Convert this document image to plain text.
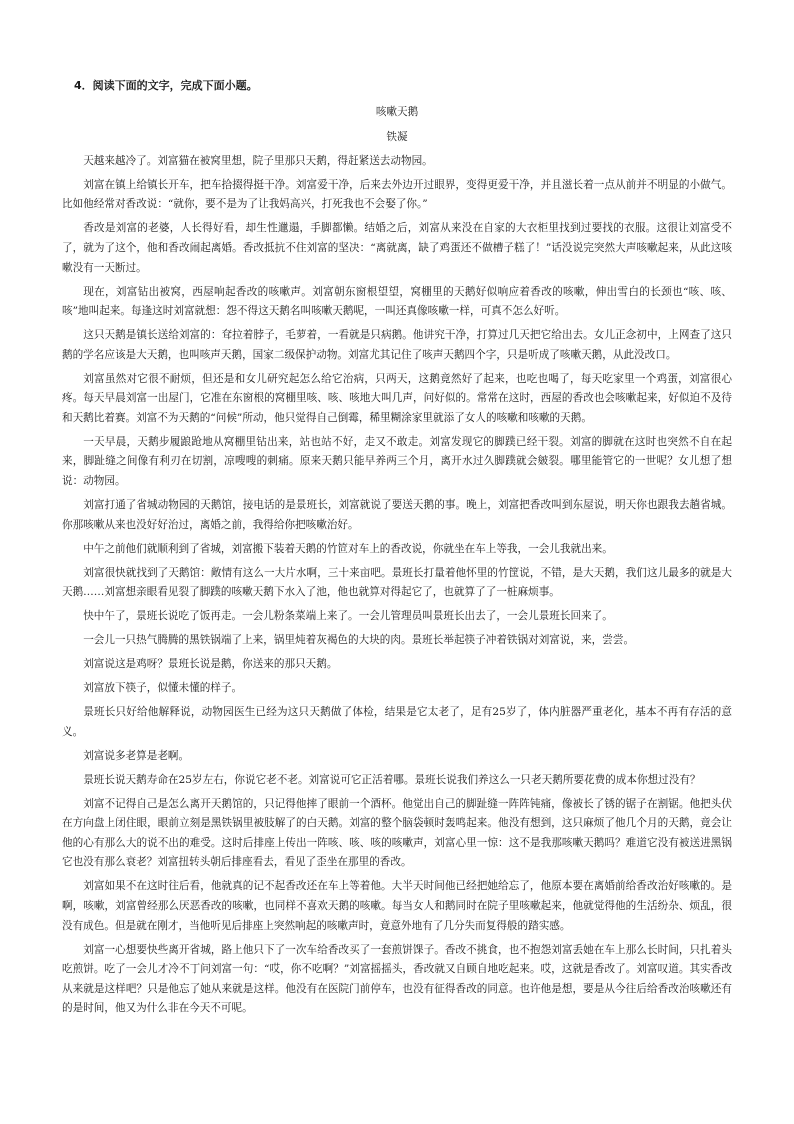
4．阅读下面的文字，完成下面小题。

咳嗽天鹅

铁凝

天越来越冷了。刘富猫在被窝里想，院子里那只天鹅，得赶紧送去动物园。

刘富在镇上给镇长开车，把车拾掇得挺干净。刘富爱干净，后来去外边开过眼界，变得更爱干净，并且滋长着一点从前并不明显的小做气。比如他经常对香改说：“就你，要不是为了让我妈高兴，打死我也不会娶了你。”

香改是刘富的老婆，人长得好看，却生性邋遢，手脚都懒。结婚之后，刘富从来没在自家的大衣柜里找到过要找的衣服。这很让刘富受不了，就为了这个，他和香改闹起离婚。香改抵抗不住刘富的坚决：“离就离，缺了鸡蛋还不做槽子糕了！”话没说完突然大声咳嗽起来，从此这咳嗽没有一天断过。

现在，刘富钻出被窝，西屋响起香改的咳嗽声。刘富朝东窗根望望，窝棚里的天鹅好似响应着香改的咳嗽，伸出雪白的长颈也“咳、咳、咳”地叫起来。每逢这时刘富就想：怨不得这天鹅名叫咳嗽天鹅呢，一叫还真像咳嗽一样，可真不怎么好听。

这只天鹅是镇长送给刘富的：耷拉着脖子，毛萝着，一看就是只病鹅。他讲究干净，打算过几天把它给出去。女儿正念初中，上网查了这只鹅的学名应该是大天鹅，也叫咳声天鹅，国家二级保护动物。刘富尤其记住了咳声天鹅四个字，只是听成了咳嗽天鹅，从此没改口。

刘富虽然对它很不耐烦，但还是和女儿研究起怎么给它治病，只两天，这鹅竟然好了起来，也吃也喝了，每天吃家里一个鸡蛋，刘富很心疼。每天早晨刘富一出屋门，它准在东窗根的窝棚里咳、咳、咳地大叫几声，问好似的。常常在这时，西屋的香改也会咳嗽起来，好似迫不及待和天鹅比着赛。刘富不为天鹅的“问候”所动，他只觉得自己倒霉，稀里糊涂家里就添了女人的咳嗽和咳嗽的天鹅。

一天早晨，天鹅步履踉跄地从窝棚里钻出来，站也站不好，走又不敢走。刘富发现它的脚蹼已经干裂。刘富的脚就在这时也突然不自在起来，脚趾缝之间像有利刃在切割，凉嗖嗖的刺痛。原来天鹅只能早养两三个月，离开水过久脚蹼就会皴裂。哪里能管它的一世呢？女儿想了想说：动物园。

刘富打通了省城动物园的天鹅馆，接电话的是景班长，刘富就说了要送天鹅的事。晚上，刘富把香改叫到东屋说，明天你也跟我去趟省城。你那咳嗽从来也没好好治过，离婚之前，我得给你把咳嗽治好。

中午之前他们就顺利到了省城，刘富搬下装着天鹅的竹笸对车上的香改说，你就坐在车上等我，一会儿我就出来。

刘富很快就找到了天鹅馆：敞情有这么一大片水啊，三十来亩吧。景班长打量着他怀里的竹筐说，不错，是大天鹅，我们这儿最多的就是大天鹅……刘富想亲眼看见裂了脚蹼的咳嗽天鹅下水入了池，他也就算对得起它了，也就算了了一桩麻烦事。

快中午了，景班长说吃了饭再走。一会儿粉条菜端上来了。一会儿管理员叫景班长出去了，一会儿景班长回来了。

一会儿一只热气腾腾的黑铁锅端了上来，锅里炖着灰褐色的大块的肉。景班长举起筷子冲着铁锅对刘富说，来，尝尝。

刘富说这是鸡呀？景班长说是鹅，你送来的那只天鹅。

刘富放下筷子，似懂未懂的样子。

景班长只好给他解释说，动物园医生已经为这只天鹅做了体检，结果是它太老了，足有25岁了，体内脏器严重老化，基本不再有存活的意义。

刘富说多老算是老啊。

景班长说天鹅寿命在25岁左右，你说它老不老。刘富说可它正活着哪。景班长说我们养这么一只老天鹅所要花费的成本你想过没有？

刘富不记得自己是怎么离开天鹅馆的，只记得他摔了眼前一个酒杯。他觉出自己的脚趾缝一阵阵钝痛，像被长了锈的锯子在割锯。他把头伏在方向盘上闭住眼，眼前立刻是黑铁锅里被肢解了的白天鹅。刘富的整个脑袋顿时轰鸣起来。他没有想到，这只麻烦了他几个月的天鹅，竟会让他的心有那么大的说不出的难受。这时后排座上传出一阵咳、咳、咳的咳嗽声，刘富心里一惊：这不是我那咳嗽天鹅吗？难道它没有被送进黑锅它也没有那么衰老？刘富扭转头朝后排座看去，看见了歪坐在那里的香改。

刘富如果不在这时往后看，他就真的记不起香改还在车上等着他。大半天时间他已经把她给忘了，他原本要在离婚前给香改治好咳嗽的。是啊，咳嗽，刘富曾经那么厌恶香改的咳嗽，也同样不喜欢天鹅的咳嗽。每当女人和鹅同时在院子里咳嗽起来，他就觉得他的生活纷杂、烦乱，很没有成色。但是就在刚才，当他听见后排座上突然响起的咳嗽声时，竟意外地有了几分失而复得般的踏实感。

刘富一心想要快些离开省城，路上他只下了一次车给香改买了一套煎饼馃子。香改不挑食，也不抱怨刘富丢她在车上那么长时间，只扎着头吃煎饼。吃了一会儿才冷不丁问刘富一句：“哎，你不吃啊？”刘富摇摇头，香改就又自顾自地吃起来。哎，这就是香改了。刘富叹道。其实香改从来就是这样吧？只是他忘了她从来就是这样。他没有在医院门前停车，也没有征得香改的同意。也许他是想，要是从今往后给香改治咳嗽还有的是时间，他又为什么非在今天不可呢。
